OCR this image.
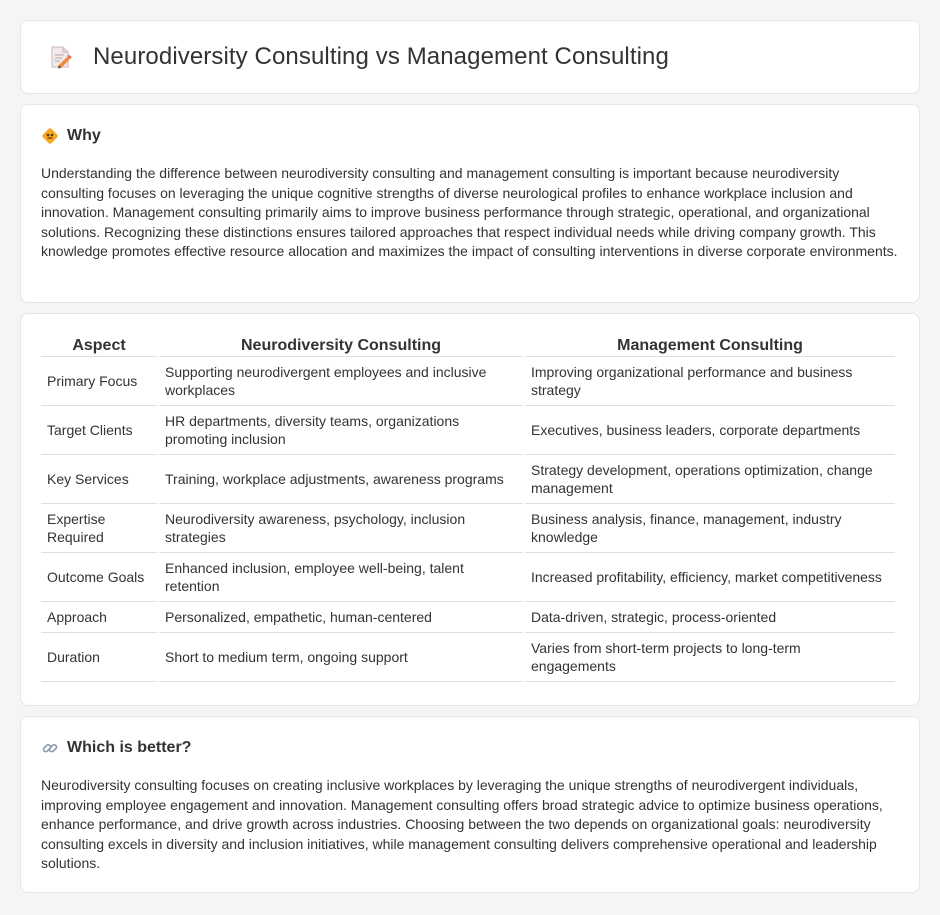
Neurodiversity Consulting vs Management Consulting
Why

Understanding the difference between neurodiversity consulting and management consulting is important because neurodiversity consulting focuses on leveraging the unique cognitive strengths of diverse neurological profiles to enhance workplace inclusion and innovation. Management consulting primarily aims to improve business performance through strategic, operational, and organizational solutions. Recognizing these distinctions ensures tailored approaches that respect individual needs while driving company growth. This knowledge promotes effective resource allocation and maximizes the impact of consulting interventions in diverse corporate environments.

Aspect	Neurodiversity Consulting	Management Consulting
Primary Focus	Supporting neurodivergent employees and inclusive workplaces	Improving organizational performance and business strategy
Target Clients	HR departments, diversity teams, organizations promoting inclusion	Executives, business leaders, corporate departments
Key Services	Training, workplace adjustments, awareness programs	Strategy development, operations optimization, change management
Expertise Required	Neurodiversity awareness, psychology, inclusion strategies	Business analysis, finance, management, industry knowledge
Outcome Goals	Enhanced inclusion, employee well-being, talent retention	Increased profitability, efficiency, market competitiveness
Approach	Personalized, empathetic, human-centered	Data-driven, strategic, process-oriented
Duration	Short to medium term, ongoing support	Varies from short-term projects to long-term engagements
Which is better?

Neurodiversity consulting focuses on creating inclusive workplaces by leveraging the unique strengths of neurodivergent individuals, improving employee engagement and innovation. Management consulting offers broad strategic advice to optimize business operations, enhance performance, and drive growth across industries. Choosing between the two depends on organizational goals: neurodiversity consulting excels in diversity and inclusion initiatives, while management consulting delivers comprehensive operational and leadership solutions.
